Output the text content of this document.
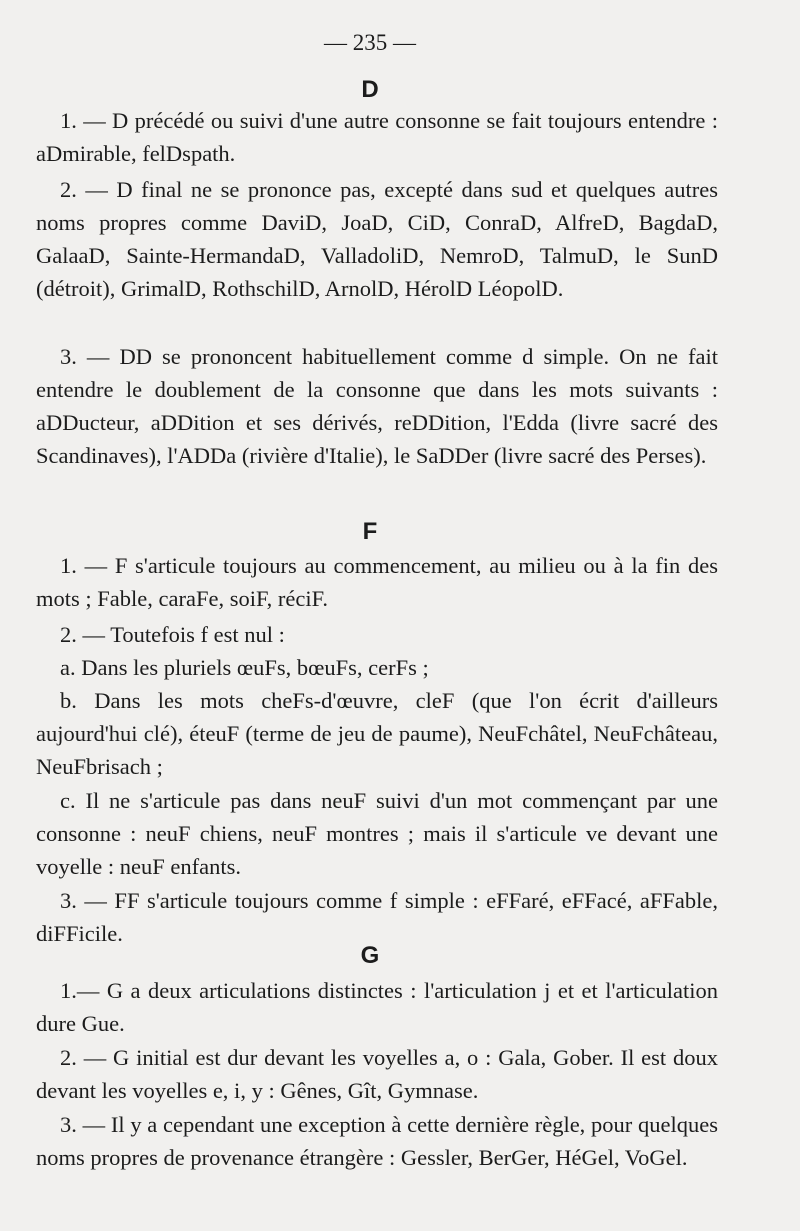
— 235 —
D

1. — D précédé ou suivi d'une autre consonne se fait toujours entendre : aDmirable, felDspath.

2. — D final ne se prononce pas, excepté dans sud et quelques autres noms propres comme DaviD, JoaD, CiD, ConraD, AlfreD, BagdaD, GalaaD, Sainte-HermandaD, ValladoliD, NemroD, TalmuD, le SunD (détroit), GrimalD, RothschilD, ArnolD, HérolD LéopolD.

3. — DD se prononcent habituellement comme d simple. On ne fait entendre le doublement de la consonne que dans les mots suivants : aDDucteur, aDDition et ses dérivés, reDDition, l'Edda (livre sacré des Scandinaves), l'ADDa (rivière d'Italie), le SaDDer (livre sacré des Perses).

F

1. — F s'articule toujours au commencement, au milieu ou à la fin des mots ; Fable, caraFe, soiF, réciF.

2. — Toutefois f est nul :

a. Dans les pluriels œuFs, bœuFs, cerFs ;

b. Dans les mots cheFs-d'œuvre, cleF (que l'on écrit d'ailleurs aujourd'hui clé), éteuF (terme de jeu de paume), NeuFchâtel, NeuFchâteau, NeuFbrisach ;

c. Il ne s'articule pas dans neuF suivi d'un mot commençant par une consonne : neuF chiens, neuF montres ; mais il s'articule ve devant une voyelle : neuF enfants.

3. — FF s'articule toujours comme f simple : eFFaré, eFFacé, aFFable, diFFicile.

G

1.— G a deux articulations distinctes : l'articulation j et et l'articulation dure Gue.

2. — G initial est dur devant les voyelles a, o : Gala, Gober. Il est doux devant les voyelles e, i, y : Gênes, Gît, Gymnase.

3. — Il y a cependant une exception à cette dernière règle, pour quelques noms propres de provenance étrangère : Gessler, BerGer, HéGel, VoGel.
